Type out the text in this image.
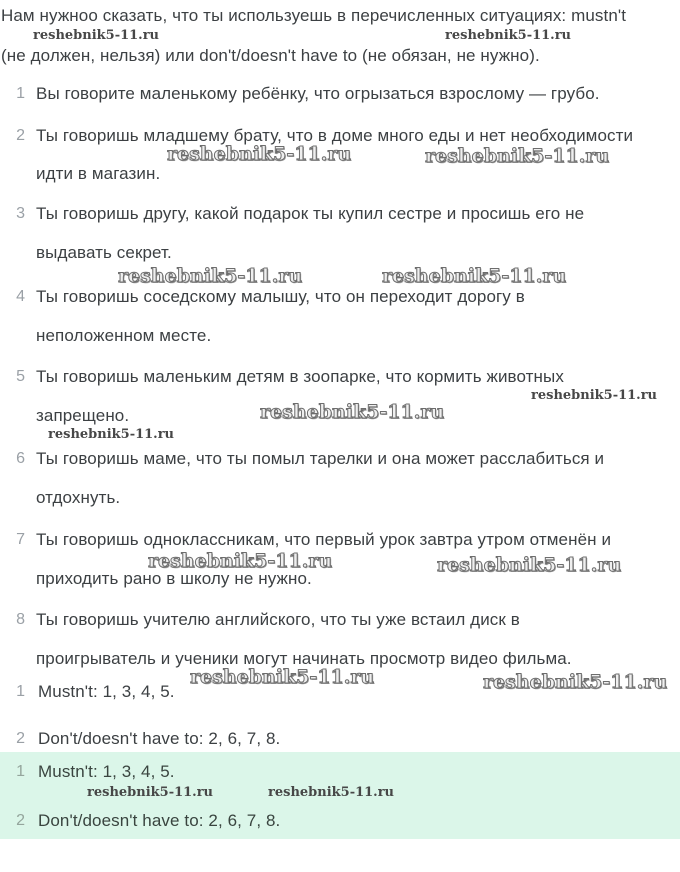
Нам нужноо сказать, что ты используешь в перечисленных ситуациях: mustn't

(не должен, нельзя) или don't/doesn't have to (не обязан, не нужно).

1 Вы говорите маленькому ребёнку, что огрызаться взрослому — грубо.

2 Ты говоришь младшему брату, что в доме много еды и нет необходимости

идти в магазин.

3 Ты говоришь другу, какой подарок ты купил сестре и просишь его не

выдавать секрет.

4 Ты говоришь соседскому малышу, что он переходит дорогу в

неположенном месте.

5 Ты говоришь маленьким детям в зоопарке, что кормить животных

запрещено.

6 Ты говоришь маме, что ты помыл тарелки и она может расслабиться и

отдохнуть.

7 Ты говоришь одноклассникам, что первый урок завтра утром отменён и

приходить рано в школу не нужно.

8 Ты говоришь учителю английского, что ты уже встаил диск в

проигрыватель и ученики могут начинать просмотр видео фильма.

1 Mustn't: 1, 3, 4, 5.

2 Don't/doesn't have to: 2, 6, 7, 8.

1 Mustn't: 1, 3, 4, 5.

2 Don't/doesn't have to: 2, 6, 7, 8.

reshebnik5-11.ru	reshebnik5-11.ru
reshebnik5-11.ru	reshebnik5-11.ru
reshebnik5-11.ru	reshebnik5-11.ru
reshebnik5-11.ru
reshebnik5-11.ru
reshebnik5-11.ru
reshebnik5-11.ru	reshebnik5-11.ru
reshebnik5-11.ru	reshebnik5-11.ru
reshebnik5-11.ru	reshebnik5-11.ru
